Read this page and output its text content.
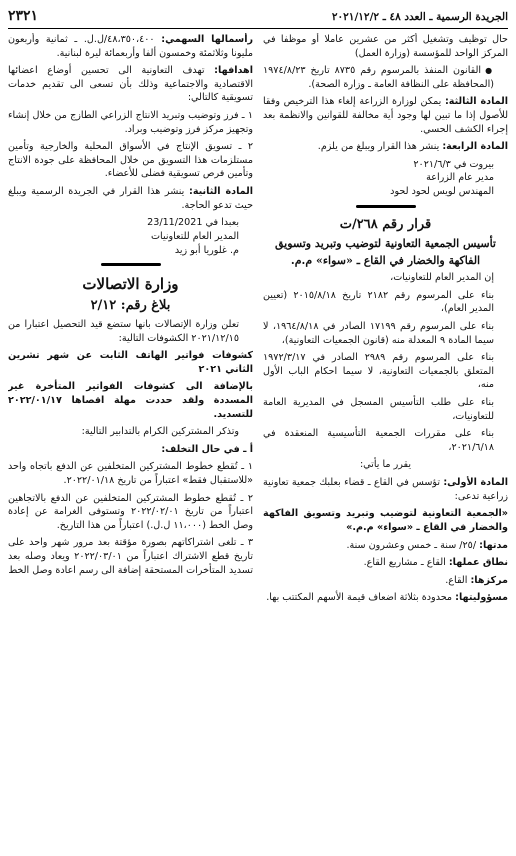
الجريدة الرسمية ـ العدد ٤٨ ـ ٢٠٢١/١٢/٢
٢٣٢١

حال توظيف وتشغيل أكثر من عشرين عاملا أو موظفا في المركز الواحد للمؤسسة (وزارة العمل)

● القانون المنفذ بالمرسوم رقم ٨٧٣٥ تاريخ ١٩٧٤/٨/٢٣ (المحافظة على النظافة العامة ـ وزارة الصحة).

المادة الثالثة: يمكن لوزارة الزراعة إلغاء هذا الترخيص وفقا للأصول إذا ما تبين لها وجود أية مخالفة للقوانين والانظمة بعد إجراء الكشف الحسي.

المادة الرابعة: ينشر هذا القرار ويبلغ من يلزم.

بيروت في ٢٠٢١/٦/٣

مدير عام الزراعة

المهندس لويس لحود لحود

قرار رقم ٢٦٨/ت
تأسيس الجمعية التعاونية لتوضيب وتبريد وتسويق الفاكهة والخضار في القاع ـ «سواء» م.م.

إن المدير العام للتعاونيات،

بناء على المرسوم رقم ٢١٨٢ تاريخ ٢٠١٥/٨/١٨ (تعيين المدير العام)،

بناء على المرسوم رقم ١٧١٩٩ الصادر في ١٩٦٤/٨/١٨، لا سيما المادة ٩ المعدلة منه (قانون الجمعيات التعاونية)،

بناء على المرسوم رقم ٢٩٨٩ الصادر في ١٩٧٢/٣/١٧ المتعلق بالجمعيات التعاونية، لا سيما احكام الباب الأول منه،

بناء على طلب التأسيس المسجل في المديرية العامة للتعاونيات،

بناء على مقررات الجمعية التأسيسية المنعقدة في ٢٠٢١/٦/١٨،

يقرر ما يأتي:

المادة الأولى: تؤسس في القاع ـ قضاء بعلبك جمعية تعاونية زراعية تدعى:

«الجمعية التعاونية لتوضيب وتبريد وتسويق الفاكهة والخضار في القاع ـ «سواء» م.م.»

مدتها: /٢٥/ سنة ـ خمس وعشرون سنة.

نطاق عملها: القاع ـ مشاريع القاع.

مركزها: القاع.

مسؤوليتها: محدودة بثلاثة اضعاف قيمة الأسهم المكتتب بها.

رأسمالها السهمي: ٤٨،٣٥٠،٤٠٠/ل.ل. ـ ثمانية وأربعون مليونا وثلاثمئة وخمسون ألفا وأربعمائة ليرة لبنانية.

اهدافها: تهدف التعاونية الى تحسين أوضاع اعضائها الاقتصادية والاجتماعية وذلك بأن تسعى الى تقديم خدمات تسويقية كالتالي:

١ ـ فرز وتوضيب وتبريد الانتاج الزراعي الطازج من خلال إنشاء وتجهيز مركز فرز وتوضيب وبراد.

٢ ـ تسويق الإنتاج في الأسواق المحلية والخارجية وتأمين مستلزمات هذا التسويق من خلال المحافظة على جودة الانتاج وتأمين فرص تسويقية فضلى للأعضاء.

المادة الثانية: ينشر هذا القرار في الجريدة الرسمية ويبلغ حيث تدعو الحاجة.

بعبدا في 23/11/2021

المدير العام للتعاونيات

م. غلوريا أبو زيد

وزارة الاتصالات
بلاغ رقم: ٢/١٢

تعلن وزارة الإتصالات بانها ستضع قيد التحصيل اعتبارا من ٢٠٢١/١٢/١٥ الكشوفات التالية:

كشوفات فواتير الهاتف الثابت عن شهر تشرين الثاني ٢٠٢١

بالإضافة الى كشوفات الفواتير المتأخرة غير المسددة ولقد حددت مهلة اقصاها ٢٠٢٢/٠١/١٧ للتسديد.

وتذكر المشتركين الكرام بالتدابير التالية:

أ ـ في حال التخلف:

١ ـ تُقطع خطوط المشتركين المتخلفين عن الدفع باتجاه واحد «للاستقبال فقط» اعتباراً من تاريخ ٢٠٢٢/٠١/١٨.

٢ ـ تُقطع خطوط المشتركين المتخلفين عن الدفع بالاتجاهين اعتباراً من تاريخ ٢٠٢٢/٠٢/٠١ وتستوفى الغرامة عن إعادة وصل الخط (١١،٠٠٠ ل.ل.) اعتباراً من هذا التاريخ.

٣ ـ تلغى اشتراكاتهم بصورة مؤقتة بعد مرور شهر واحد على تاريخ قطع الاشتراك اعتباراً من ٢٠٢٢/٠٣/٠١ ويعاد وصله بعد تسديد المتأخرات المستحقة إضافة الى رسم اعادة وصل الخط
